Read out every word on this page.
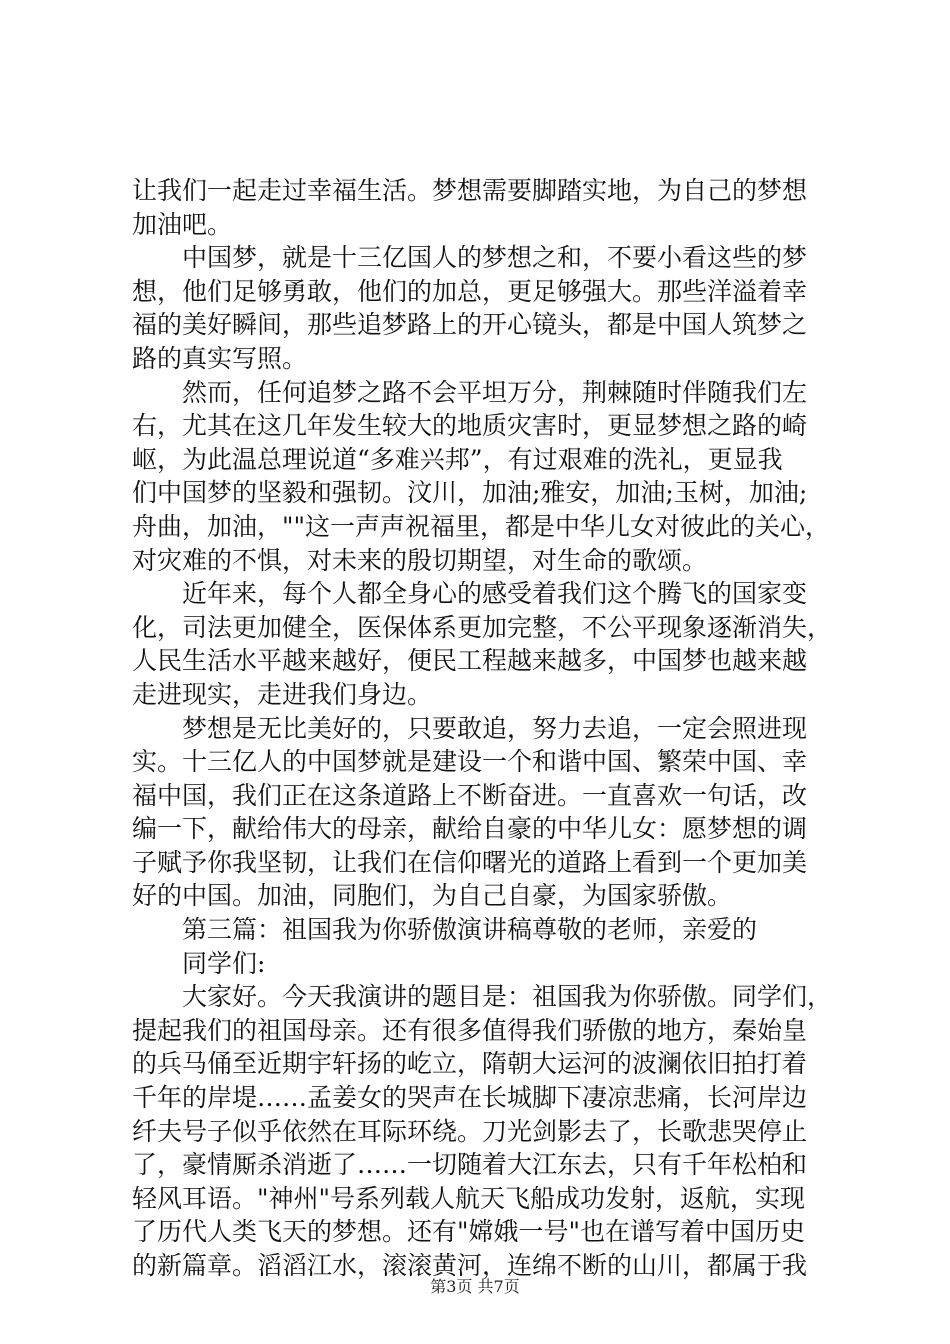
让我们一起走过幸福生活。梦想需要脚踏实地，为自己的梦想
加油吧。
中国梦，就是十三亿国人的梦想之和，不要小看这些的梦
想，他们足够勇敢，他们的加总，更足够强大。那些洋溢着幸
福的美好瞬间，那些追梦路上的开心镜头，都是中国人筑梦之
路的真实写照。
然而，任何追梦之路不会平坦万分，荆棘随时伴随我们左
右，尤其在这几年发生较大的地质灾害时，更显梦想之路的崎
岖，为此温总理说道“多难兴邦”，有过艰难的洗礼，更显我
们中国梦的坚毅和强韧。汶川，加油;雅安，加油;玉树，加油;
舟曲，加油，""这一声声祝福里，都是中华儿女对彼此的关心，
对灾难的不惧，对未来的殷切期望，对生命的歌颂。
近年来，每个人都全身心的感受着我们这个腾飞的国家变
化，司法更加健全，医保体系更加完整，不公平现象逐渐消失，
人民生活水平越来越好，便民工程越来越多，中国梦也越来越
走进现实，走进我们身边。
梦想是无比美好的，只要敢追，努力去追，一定会照进现
实。十三亿人的中国梦就是建设一个和谐中国、繁荣中国、幸
福中国，我们正在这条道路上不断奋进。一直喜欢一句话，改
编一下，献给伟大的母亲，献给自豪的中华儿女：愿梦想的调
子赋予你我坚韧，让我们在信仰曙光的道路上看到一个更加美
好的中国。加油，同胞们，为自己自豪，为国家骄傲。
第三篇：祖国我为你骄傲演讲稿尊敬的老师，亲爱的
同学们:
大家好。今天我演讲的题目是：祖国我为你骄傲。同学们，
提起我们的祖国母亲。还有很多值得我们骄傲的地方，秦始皇
的兵马俑至近期宇轩扬的屹立，隋朝大运河的波澜依旧拍打着
千年的岸堤……孟姜女的哭声在长城脚下凄凉悲痛，长河岸边
纤夫号子似乎依然在耳际环绕。刀光剑影去了，长歌悲哭停止
了，豪情厮杀消逝了……一切随着大江东去，只有千年松柏和
轻风耳语。"神州"号系列载人航天飞船成功发射，返航，实现
了历代人类飞天的梦想。还有"嫦娥一号"也在谱写着中国历史
的新篇章。滔滔江水，滚滚黄河，连绵不断的山川，都属于我
第3页 共7页
